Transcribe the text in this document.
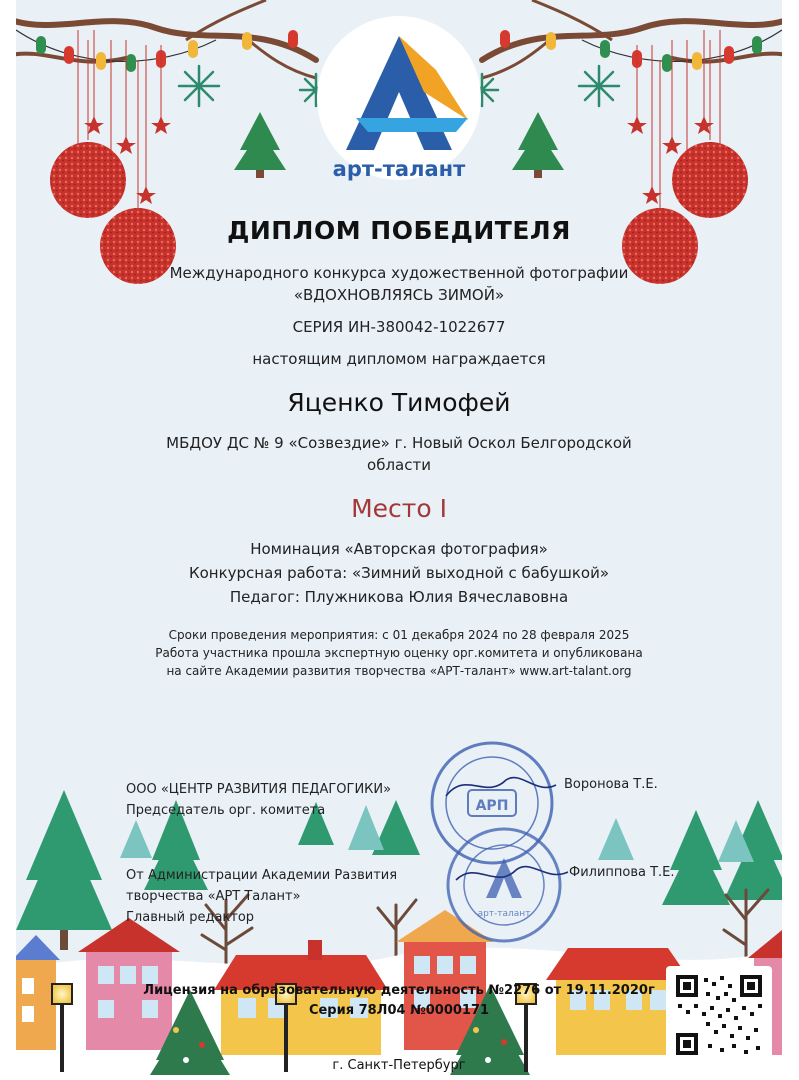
АРП
арт-талант
арт-талант
ДИПЛОМ ПОБЕДИТЕЛЯ
Международного конкурса художественной фотографии
«ВДОХНОВЛЯЯСЬ ЗИМОЙ»
СЕРИЯ ИН-380042-1022677
настоящим дипломом награждается
Яценко Тимофей
МБДОУ ДС № 9 «Созвездие» г. Новый Оскол Белгородской
области
Место I
Номинация «Авторская фотография»
Конкурсная работа: «Зимний выходной с бабушкой»
Педагог: Плужникова Юлия Вячеславовна
Сроки проведения мероприятия: с 01 декабря 2024 по 28 февраля 2025
Работа участника прошла экспертную оценку орг.комитета и опубликована
на сайте Академии развития творчества «АРТ-талант» www.art-talant.org
ООО «ЦЕНТР РАЗВИТИЯ ПЕДАГОГИКИ»
Председатель орг. комитета
Воронова Т.Е.
От Администрации Академии Развития
творчества «АРТ Талант»
Главный редактор
Филиппова Т.Е.
Лицензия на образовательную деятельность №2276 от 19.11.2020г
Серия 78Л04 №0000171
г. Санкт-Петербург
